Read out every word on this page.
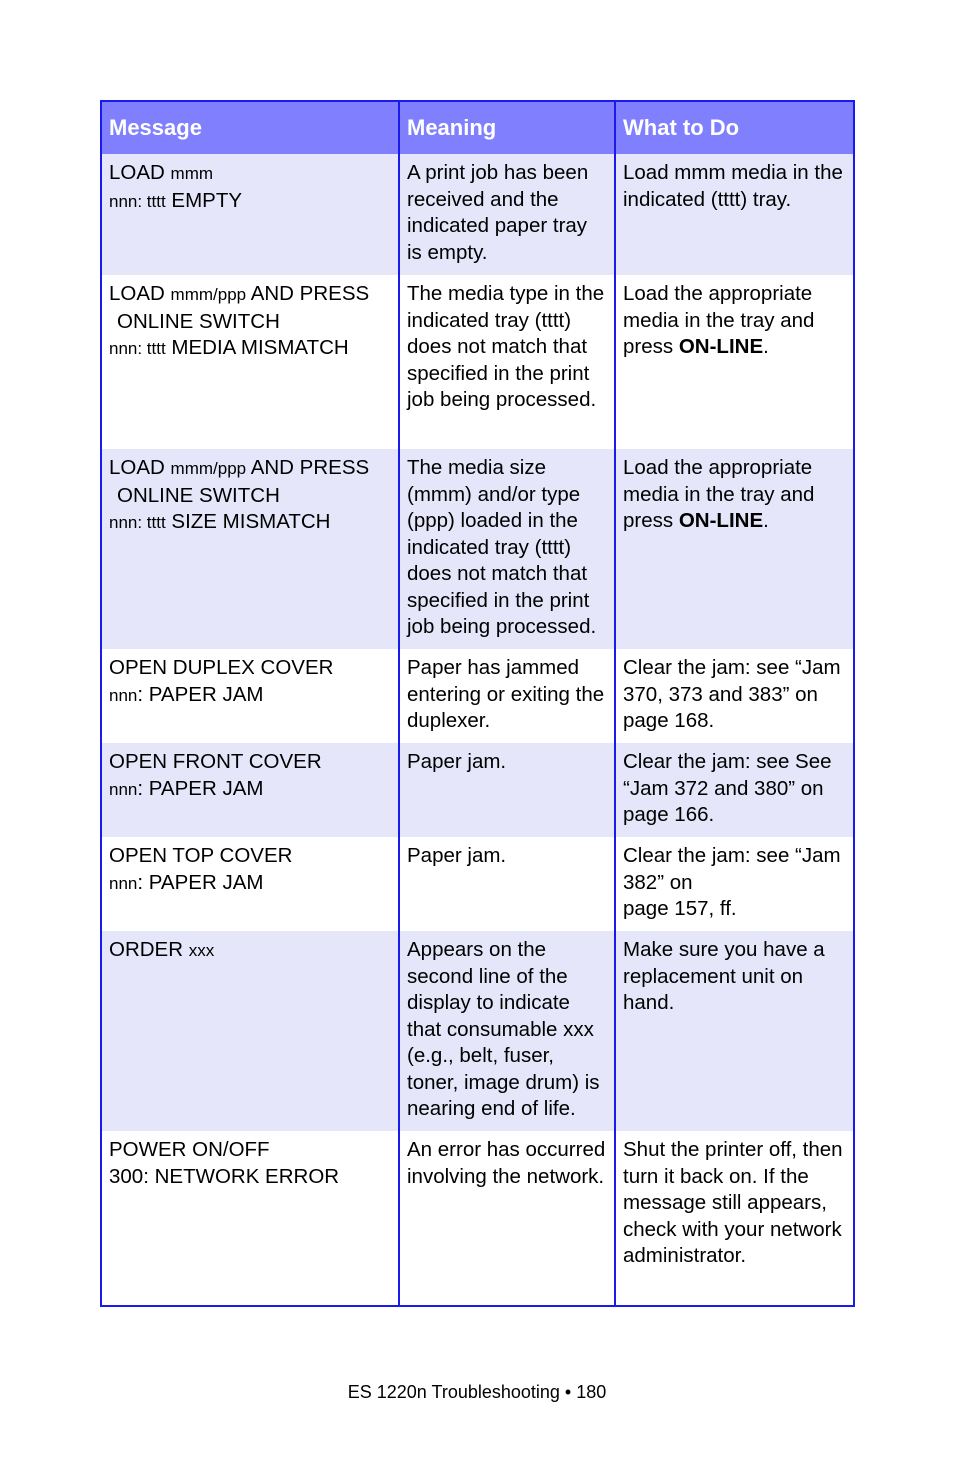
Message	Meaning	What to Do
LOAD mmm
nnn: tttt EMPTY	A print job has been received and the indicated paper tray is empty.	Load mmm media in the indicated (tttt) tray.
LOAD mmm/ppp AND PRESS
ONLINE SWITCH
nnn: tttt MEDIA MISMATCH	The media type in the indicated tray (tttt) does not match that specified in the print job being processed.	Load the appropriate media in the tray and press ON-LINE.
LOAD mmm/ppp AND PRESS
ONLINE SWITCH
nnn: tttt SIZE MISMATCH	The media size (mmm) and/or type (ppp) loaded in the indicated tray (tttt) does not match that specified in the print job being processed.	Load the appropriate media in the tray and press ON-LINE.
OPEN DUPLEX COVER
nnn: PAPER JAM	Paper has jammed entering or exiting the duplexer.	Clear the jam: see “Jam 370, 373 and 383” on page 168.
OPEN FRONT COVER
nnn: PAPER JAM	Paper jam.	Clear the jam: see See “Jam 372 and 380” on page 166.
OPEN TOP COVER
nnn: PAPER JAM	Paper jam.	Clear the jam: see “Jam 382” on
page 157, ff.
ORDER xxx	Appears on the second line of the display to indicate that consumable xxx (e.g., belt, fuser, toner, image drum) is nearing end of life.	Make sure you have a replacement unit on hand.
POWER ON/OFF
300: NETWORK ERROR	An error has occurred involving the network.	Shut the printer off, then turn it back on. If the message still appears, check with your network administrator.
ES 1220n Troubleshooting • 180
